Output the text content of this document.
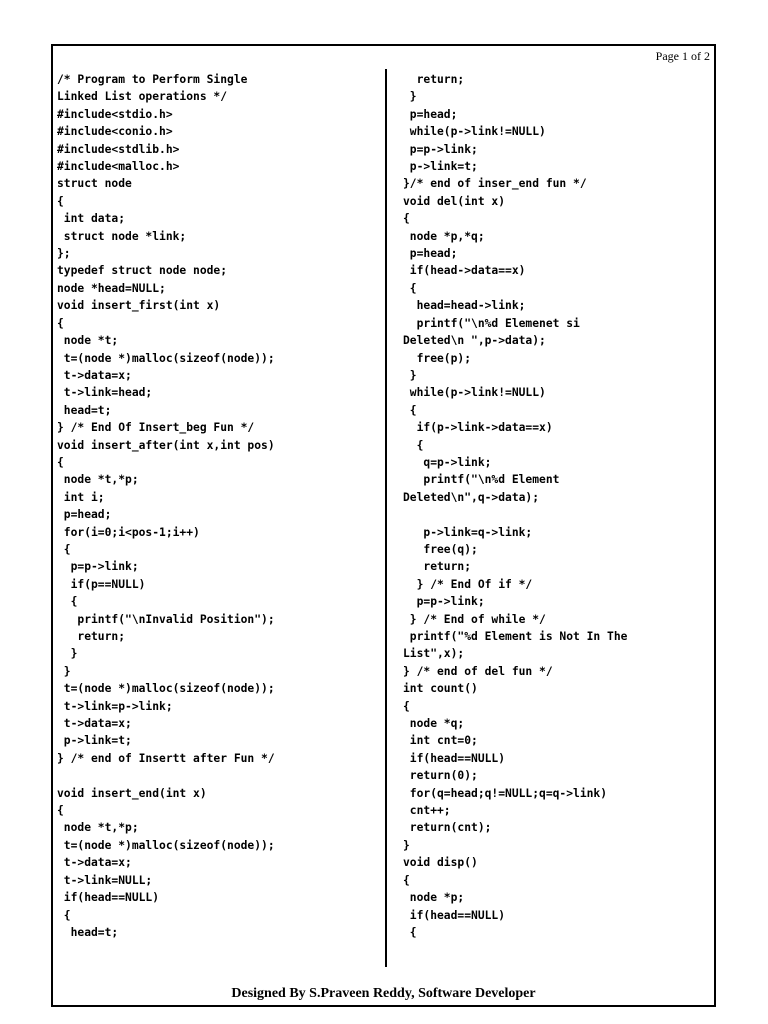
Page 1 of 2
/* Program to Perform Single
Linked List operations */
#include<stdio.h>
#include<conio.h>
#include<stdlib.h>
#include<malloc.h>
struct node
{
int data;
struct node *link;
};
typedef struct node node;
node *head=NULL;
void insert_first(int x)
{
node *t;
t=(node *)malloc(sizeof(node));
t->data=x;
t->link=head;
head=t;
} /* End Of Insert_beg Fun */
void insert_after(int x,int pos)
{
node *t,*p;
int i;
p=head;
for(i=0;i<pos-1;i++)
{
p=p->link;
if(p==NULL)
{
printf("\nInvalid Position");
return;
}
}
t=(node *)malloc(sizeof(node));
t->link=p->link;
t->data=x;
p->link=t;
} /* end of Insertt after Fun */

void insert_end(int x)
{
node *t,*p;
t=(node *)malloc(sizeof(node));
t->data=x;
t->link=NULL;
if(head==NULL)
{
head=t;
return;
}
p=head;
while(p->link!=NULL)
p=p->link;
p->link=t;
}/* end of inser_end fun */
void del(int x)
{
node *p,*q;
p=head;
if(head->data==x)
{
head=head->link;
printf("\n%d Elemenet si
Deleted\n ",p->data);
free(p);
}
while(p->link!=NULL)
{
if(p->link->data==x)
{
q=p->link;
printf("\n%d Element
Deleted\n",q->data);

p->link=q->link;
free(q);
return;
} /* End Of if */
p=p->link;
} /* End of while */
printf("%d Element is Not In The
List",x);
} /* end of del fun */
int count()
{
node *q;
int cnt=0;
if(head==NULL)
return(0);
for(q=head;q!=NULL;q=q->link)
cnt++;
return(cnt);
}
void disp()
{
node *p;
if(head==NULL)
{
Designed By S.Praveen Reddy, Software Developer
